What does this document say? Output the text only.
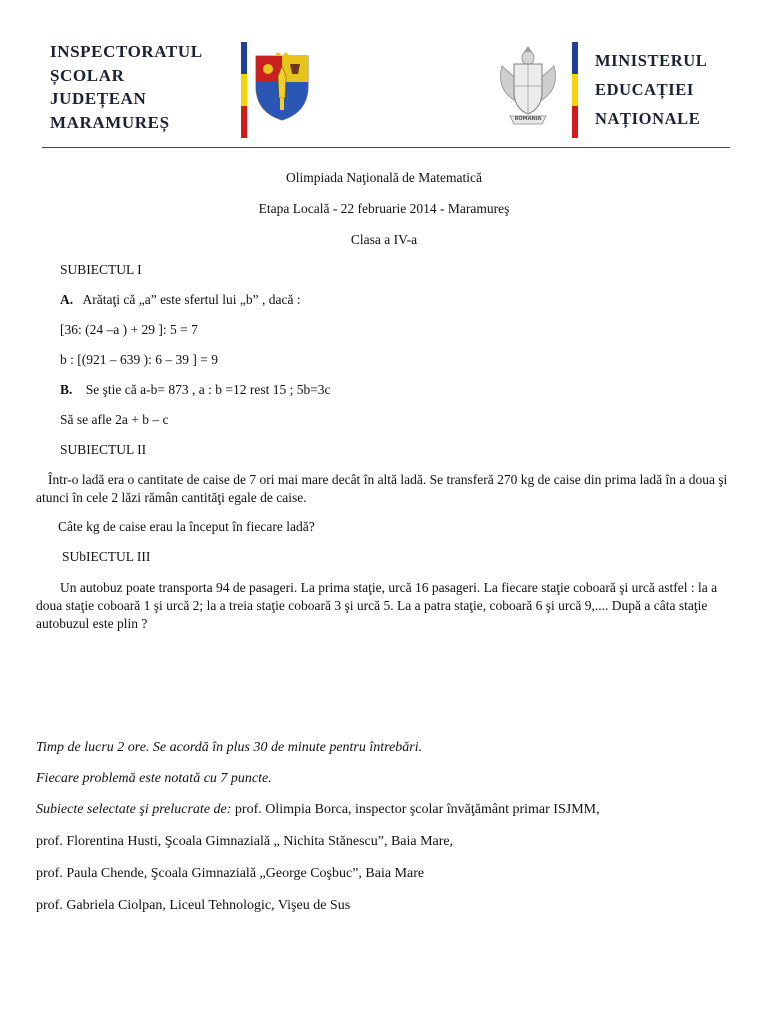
INSPECTORATUL
ȘCOLAR
JUDEȚEAN
MARAMUREȘ	ROMANIA
MINISTERUL
EDUCAȚIEI
NAȚIONALE
Olimpiada Naţională de Matematică
Etapa Locală - 22 februarie 2014 - Maramureş
Clasa a IV-a
SUBIECTUL I
A. Arătaţi că „a” este sfertul lui „b” , dacă :
[36: (24 –a ) + 29 ]: 5 = 7
b : [(921 – 639 ): 6 – 39 ] = 9
B. Se ştie că a-b= 873 , a : b =12 rest 15 ; 5b=3c
Să se afle 2a + b – c
SUBIECTUL II
Într-o ladă era o cantitate de caise de 7 ori mai mare decât în altă ladă. Se transferă 270 kg de caise din prima ladă în a doua şi atunci în cele 2 lăzi rămân cantităţi egale de caise.
Câte kg de caise erau la început în fiecare ladă?
SUbIECTUL III
Un autobuz poate transporta 94 de pasageri. La prima staţie, urcă 16 pasageri. La fiecare staţie coboară şi urcă astfel : la a doua staţie coboară 1 şi urcă 2; la a treia staţie coboară 3 şi urcă 5. La a patra staţie, coboară 6 şi urcă 9,.... După a câta staţie autobuzul este plin ?
Timp de lucru 2 ore. Se acordă în plus 30 de minute pentru întrebări.
Fiecare problemă este notată cu 7 puncte.
Subiecte selectate şi prelucrate de: prof. Olimpia Borca, inspector şcolar învăţământ primar ISJMM,
prof. Florentina Husti, Şcoala Gimnazială „ Nichita Stănescu”, Baia Mare,
prof. Paula Chende, Şcoala Gimnazială „George Coşbuc”, Baia Mare
prof. Gabriela Ciolpan, Liceul Tehnologic, Vişeu de Sus
